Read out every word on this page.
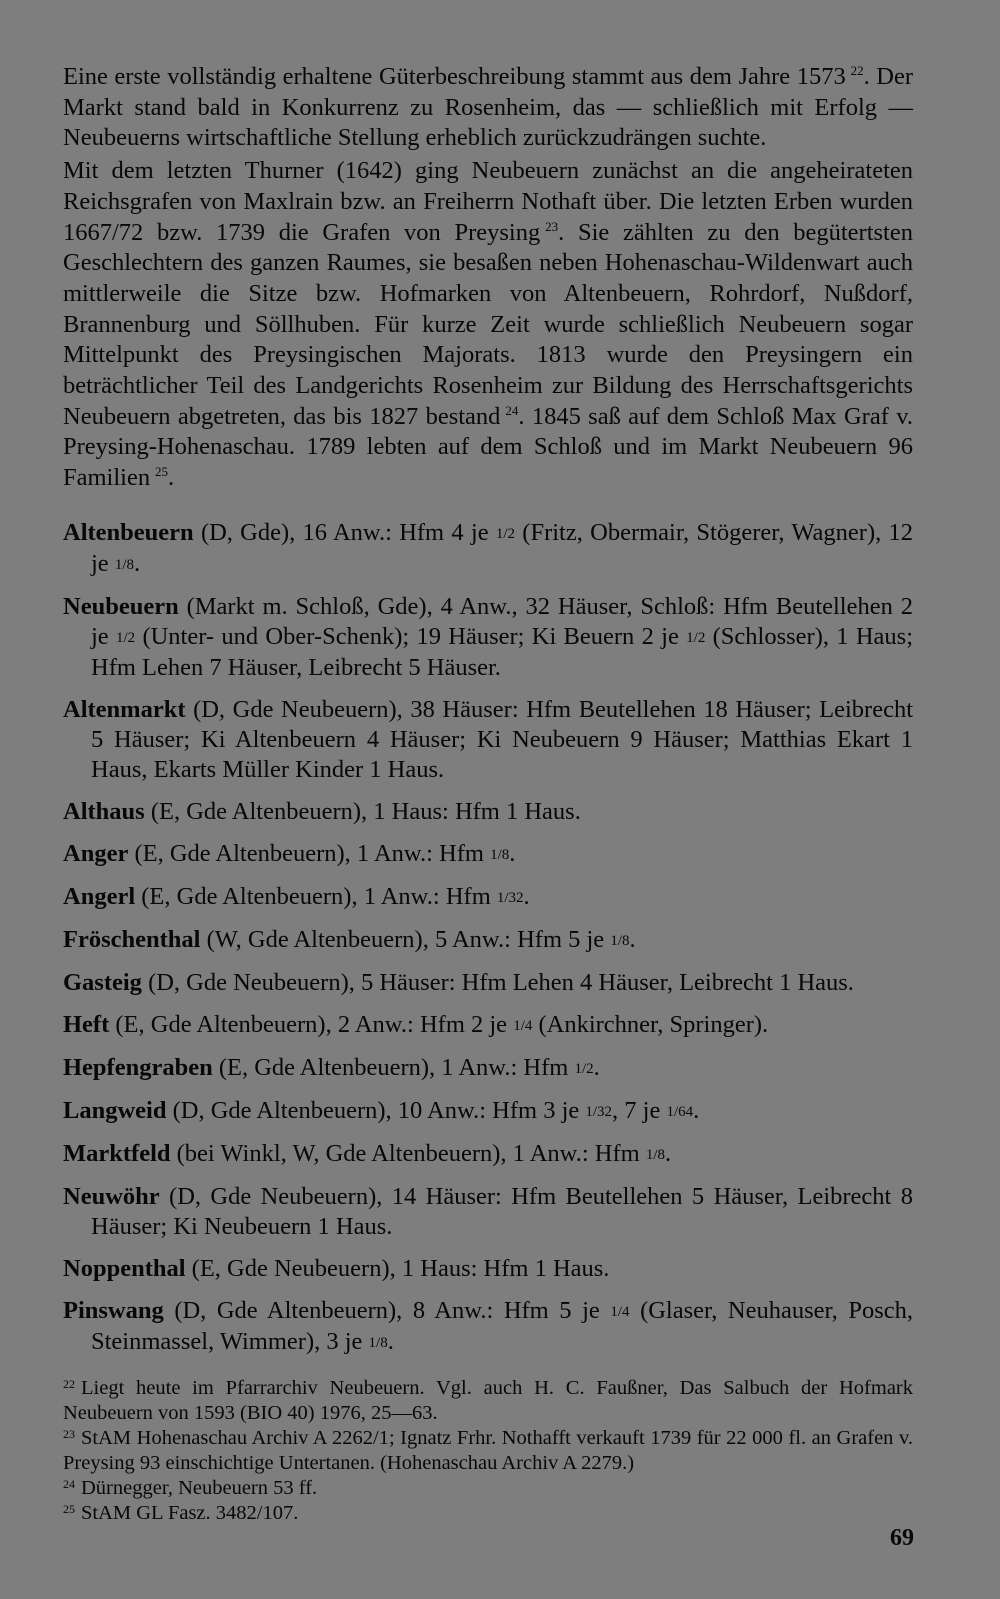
Eine erste vollständig erhaltene Güterbeschreibung stammt aus dem Jahre 1573  $^{22}$. Der Markt stand bald in Konkurrenz zu Rosenheim, das — schließlich mit Erfolg — Neubeuerns wirtschaftliche Stellung erheblich zurückzudrängen suchte.

Mit dem letzten Thurner (1642) ging Neubeuern zunächst an die angeheirateten Reichsgrafen von Maxlrain bzw. an Freiherrn Nothaft über. Die letzten Erben wurden 1667/72 bzw. 1739 die Grafen von Preysing  $^{23}$. Sie zählten zu den begütertsten Geschlechtern des ganzen Raumes, sie besaßen neben Hohenaschau-Wildenwart auch mittlerweile die Sitze bzw. Hofmarken von Altenbeuern, Rohrdorf, Nußdorf, Brannenburg und Söllhuben. Für kurze Zeit wurde schließlich Neubeuern sogar Mittelpunkt des Preysingischen Majorats. 1813 wurde den Preysingern ein beträchtlicher Teil des Landgerichts Rosenheim zur Bildung des Herrschaftsgerichts Neubeuern abgetreten, das bis 1827 bestand  $^{24}$. 1845 saß auf dem Schloß Max Graf v. Preysing-Hohenaschau. 1789 lebten auf dem Schloß und im Markt Neubeuern 96 Familien  $^{25}$.

Altenbeuern (D, Gde), 16 Anw.: Hfm 4 je 1/2 (Fritz, Obermair, Stögerer, Wagner), 12 je 1/8.
Neubeuern (Markt m. Schloß, Gde), 4 Anw., 32 Häuser, Schloß: Hfm Beutellehen 2 je 1/2 (Unter- und Ober-Schenk); 19 Häuser; Ki Beuern 2 je 1/2 (Schlosser), 1 Haus; Hfm Lehen 7 Häuser, Leibrecht 5 Häuser.
Altenmarkt (D, Gde Neubeuern), 38 Häuser: Hfm Beutellehen 18 Häuser; Leibrecht 5 Häuser; Ki Altenbeuern 4 Häuser; Ki Neubeuern 9 Häuser; Matthias Ekart 1 Haus, Ekarts Müller Kinder 1 Haus.
Althaus (E, Gde Altenbeuern), 1 Haus: Hfm 1 Haus.
Anger (E, Gde Altenbeuern), 1 Anw.: Hfm 1/8.
Angerl (E, Gde Altenbeuern), 1 Anw.: Hfm 1/32.
Fröschenthal (W, Gde Altenbeuern), 5 Anw.: Hfm 5 je 1/8.
Gasteig (D, Gde Neubeuern), 5 Häuser: Hfm Lehen 4 Häuser, Leibrecht 1 Haus.
Heft (E, Gde Altenbeuern), 2 Anw.: Hfm 2 je 1/4 (Ankirchner, Springer).
Hepfengraben (E, Gde Altenbeuern), 1 Anw.: Hfm 1/2.
Langweid (D, Gde Altenbeuern), 10 Anw.: Hfm 3 je 1/32, 7 je 1/64.
Marktfeld (bei Winkl, W, Gde Altenbeuern), 1 Anw.: Hfm 1/8.
Neuwöhr (D, Gde Neubeuern), 14 Häuser: Hfm Beutellehen 5 Häuser, Leibrecht 8 Häuser; Ki Neubeuern 1 Haus.
Noppenthal (E, Gde Neubeuern), 1 Haus: Hfm 1 Haus.
Pinswang (D, Gde Altenbeuern), 8 Anw.: Hfm 5 je 1/4 (Glaser, Neuhauser, Posch, Steinmassel, Wimmer), 3 je 1/8.
$^{22}$ Liegt heute im Pfarrarchiv Neubeuern. Vgl. auch H. C. Faußner, Das Salbuch der Hofmark Neubeuern von 1593 (BIO 40) 1976, 25—63.
$^{23}$ StAM Hohenaschau Archiv A 2262/1; Ignatz Frhr. Nothafft verkauft 1739 für 22 000 fl. an Grafen v. Preysing 93 einschichtige Untertanen. (Hohenaschau Archiv A 2279.)
$^{24}$ Dürnegger, Neubeuern 53 ff.
$^{25}$ StAM GL Fasz. 3482/107.
69
